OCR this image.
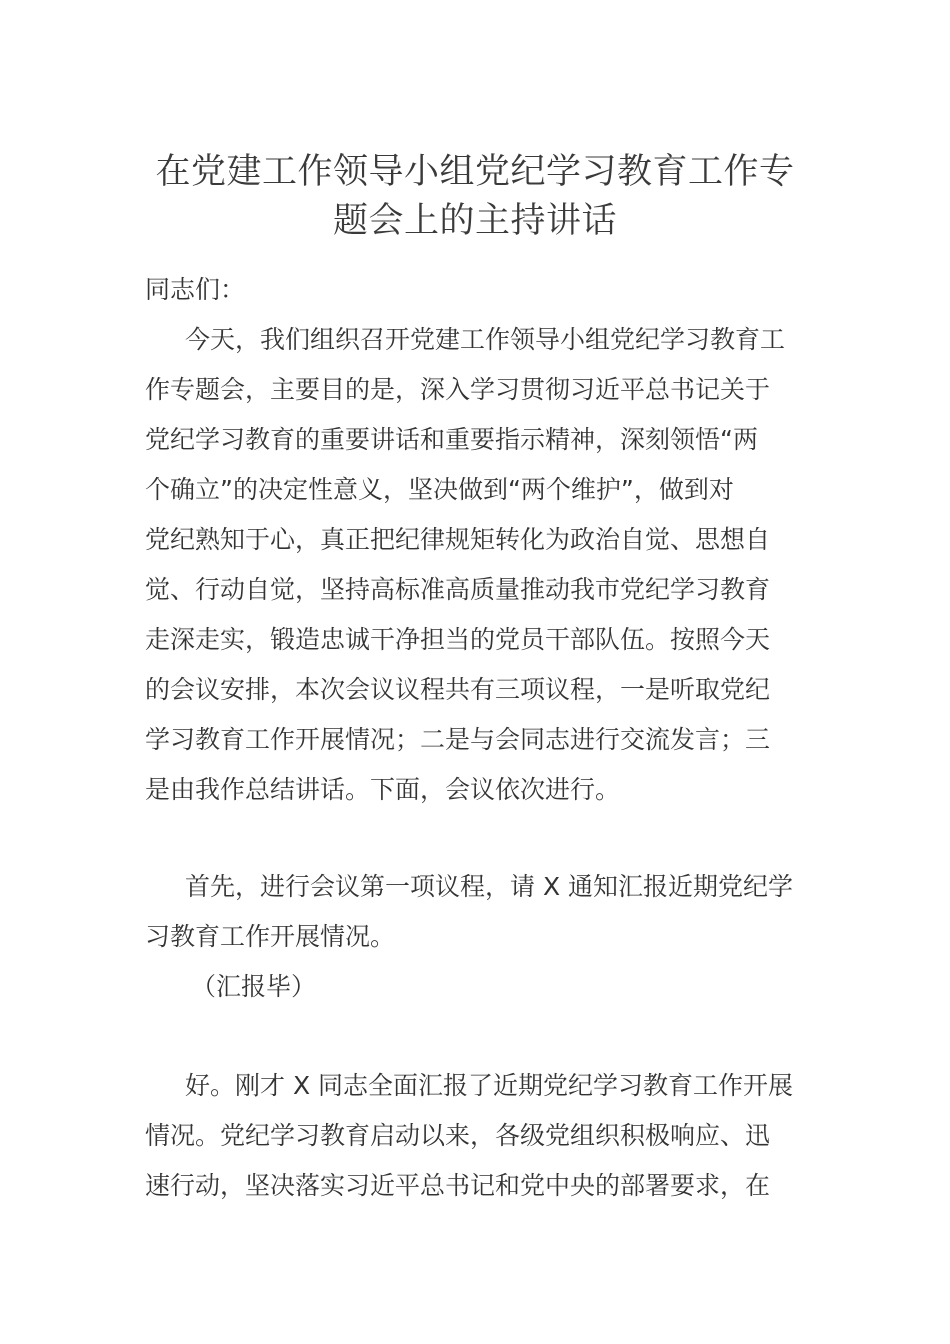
在党建工作领导小组党纪学习教育工作专
题会上的主持讲话

同志们：

今天，我们组织召开党建工作领导小组党纪学习教育工
作专题会，主要目的是，深入学习贯彻习近平总书记关于
党纪学习教育的重要讲话和重要指示精神，深刻领悟“两
个确立”的决定性意义，坚决做到“两个维护”，做到对
党纪熟知于心，真正把纪律规矩转化为政治自觉、思想自
觉、行动自觉，坚持高标准高质量推动我市党纪学习教育
走深走实，锻造忠诚干净担当的党员干部队伍。按照今天
的会议安排，本次会议议程共有三项议程，一是听取党纪
学习教育工作开展情况；二是与会同志进行交流发言；三
是由我作总结讲话。下面，会议依次进行。

首先，进行会议第一项议程，请 X 通知汇报近期党纪学
习教育工作开展情况。

（汇报毕）

好。刚才 X 同志全面汇报了近期党纪学习教育工作开展
情况。党纪学习教育启动以来，各级党组织积极响应、迅
速行动，坚决落实习近平总书记和党中央的部署要求，在
